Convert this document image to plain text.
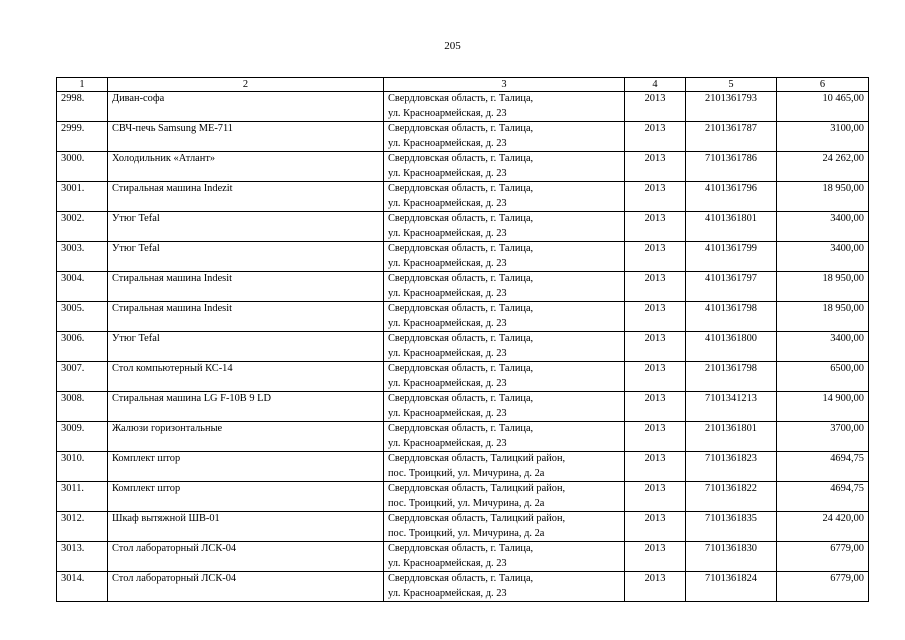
205
1	2	3	4	5	6
2998.	Диван-софа	Свердловская область, г. Талица,
ул. Красноармейская, д. 23	2013	2101361793	10 465,00
2999.	СВЧ-печь Samsung ME-711	Свердловская область, г. Талица,
ул. Красноармейская, д. 23	2013	2101361787	3100,00
3000.	Холодильник «Атлант»	Свердловская область, г. Талица,
ул. Красноармейская, д. 23	2013	7101361786	24 262,00
3001.	Стиральная машина Indezit	Свердловская область, г. Талица,
ул. Красноармейская, д. 23	2013	4101361796	18 950,00
3002.	Утюг Tefal	Свердловская область, г. Талица,
ул. Красноармейская, д. 23	2013	4101361801	3400,00
3003.	Утюг Tefal	Свердловская область, г. Талица,
ул. Красноармейская, д. 23	2013	4101361799	3400,00
3004.	Стиральная машина Indesit	Свердловская область, г. Талица,
ул. Красноармейская, д. 23	2013	4101361797	18 950,00
3005.	Стиральная машина Indesit	Свердловская область, г. Талица,
ул. Красноармейская, д. 23	2013	4101361798	18 950,00
3006.	Утюг Tefal	Свердловская область, г. Талица,
ул. Красноармейская, д. 23	2013	4101361800	3400,00
3007.	Стол компьютерный КС-14	Свердловская область, г. Талица,
ул. Красноармейская, д. 23	2013	2101361798	6500,00
3008.	Стиральная машина LG F-10B 9 LD	Свердловская область, г. Талица,
ул. Красноармейская, д. 23	2013	7101341213	14 900,00
3009.	Жалюзи горизонтальные	Свердловская область, г. Талица,
ул. Красноармейская, д. 23	2013	2101361801	3700,00
3010.	Комплект штор	Свердловская область, Талицкий район,
пос. Троицкий, ул. Мичурина, д. 2а	2013	7101361823	4694,75
3011.	Комплект штор	Свердловская область, Талицкий район,
пос. Троицкий, ул. Мичурина, д. 2а	2013	7101361822	4694,75
3012.	Шкаф вытяжной ШВ-01	Свердловская область, Талицкий район,
пос. Троицкий, ул. Мичурина, д. 2а	2013	7101361835	24 420,00
3013.	Стол лабораторный ЛСК-04	Свердловская область, г. Талица,
ул. Красноармейская, д. 23	2013	7101361830	6779,00
3014.	Стол лабораторный ЛСК-04	Свердловская область, г. Талица,
ул. Красноармейская, д. 23	2013	7101361824	6779,00
